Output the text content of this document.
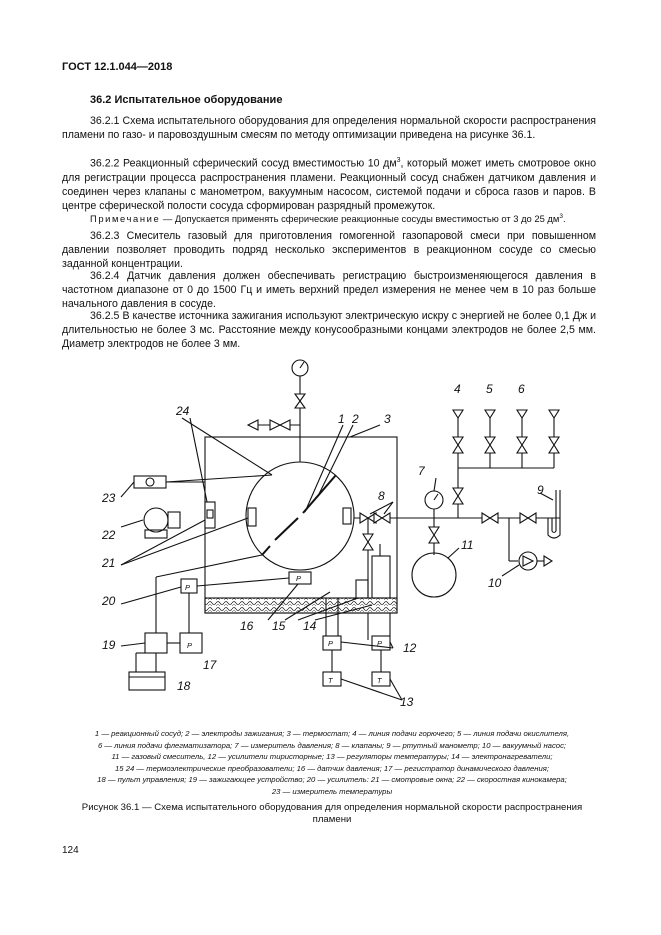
ГОСТ 12.1.044—2018
36.2 Испытательное оборудование
36.2.1 Схема испытательного оборудования для определения нормальной скорости распространения пламени по газо- и паровоздушным смесям по методу оптимизации приведена на рисунке 36.1.
36.2.2 Реакционный сферический сосуд вместимостью 10 $дм^3$, который может иметь смотровое окно для регистрации процесса распространения пламени. Реакционный сосуд снабжен датчиком давления и соединен через клапаны с манометром, вакуумным насосом, системой подачи и сброса газов и паров. В центре сферической полости сосуда сформирован разрядный промежуток.
Примечание — Допускается применять сферические реакционные сосуды вместимостью от 3 до 25 $дм^3$.
36.2.3 Смеситель газовый для приготовления гомогенной газопаровой смеси при повышенном давлении позволяет проводить подряд несколько экспериментов в реакционном сосуде со смесью заданной концентрации.
36.2.4 Датчик давления должен обеспечивать регистрацию быстроизменяющегося давления в частотном диапазоне от 0 до 1500 Гц и иметь верхний предел измерения не менее чем в 10 раз больше начального давления в сосуде.
36.2.5 В качестве источника зажигания используют электрическую искру с энергией не более 0,1 Дж и длительностью не более 3 мс. Расстояние между конусообразными концами электродов не более 2,5 мм. Диаметр электродов не более 3 мм.
P
P	P
T	T
P
P
1 2 3
4 5 6
7
8	9
10
11
12
13
14
15
16
17
18
19
20
21
22
23
24
1 — реакционный сосуд; 2 — электроды зажигания; 3 — термостат; 4 — линия подачи горючего; 5 — линия подачи окислителя,
6 — линия подачи флегматизатора; 7 — измеритель давления; 8 — клапаны; 9 — ртутный манометр; 10 — вакуумный насос;
11 — газовый смеситель, 12 — усилители тиристорные; 13 — регуляторы температуры; 14 — электронагреватели;
15 24 — термоэлектрические преобразователи; 16 — датчик давления; 17 — регистратор динамического давления;
18 — пульт управления; 19 — зажигающее устройство; 20 — усилитель: 21 — смотровые окна; 22 — скоростная кинокамера;
23 — измеритель температуры
Рисунок 36.1 — Схема испытательного оборудования для определения нормальной скорости распространения
пламени
124
